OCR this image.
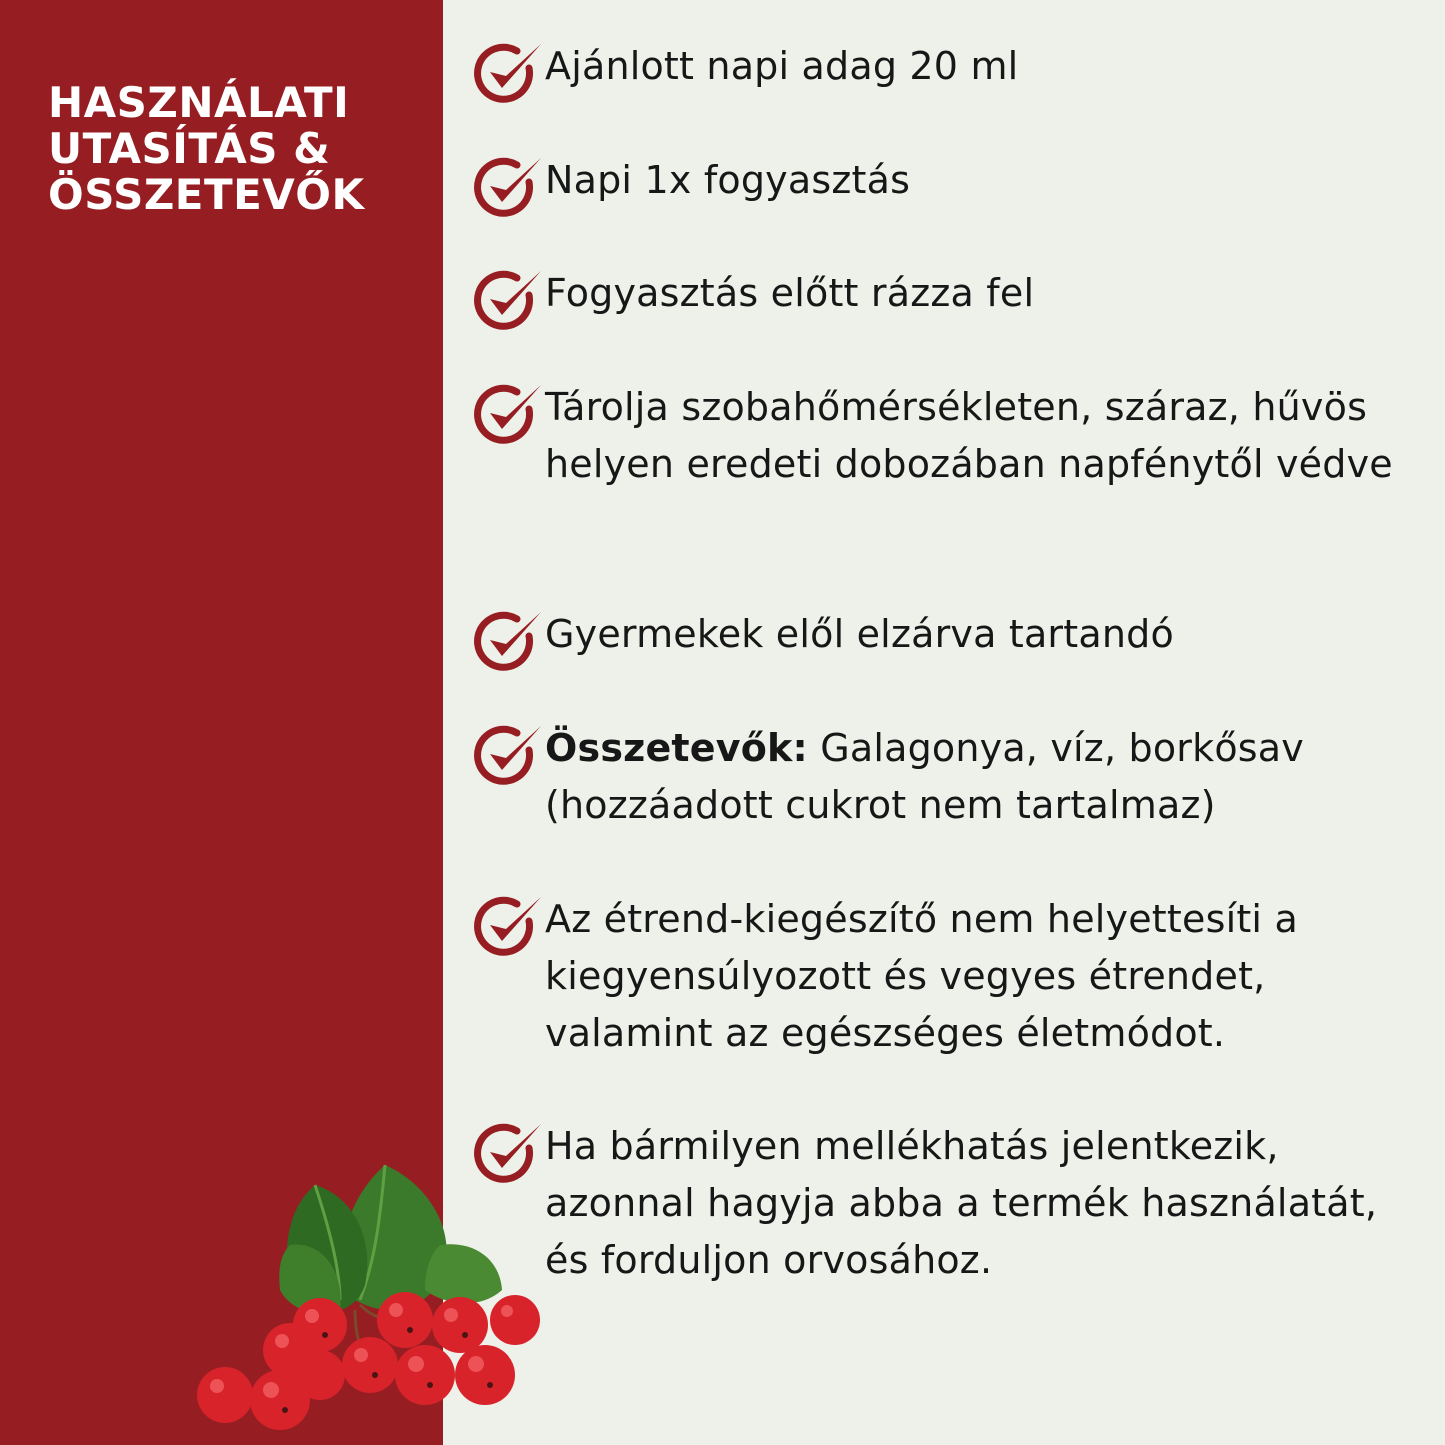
HASZNÁLATI
UTASÍTÁS &
ÖSSZETEVŐK

Ajánlott napi adag 20 ml

Napi 1x fogyasztás

Fogyasztás előtt rázza fel

Tárolja szobahőmérsékleten, száraz, hűvös helyen eredeti dobozában napfénytől védve

Gyermekek elől elzárva tartandó

Összetevők: Galagonya, víz, borkősav (hozzáadott cukrot nem tartalmaz)

Az étrend-kiegészítő nem helyettesíti a kiegyensúlyozott és vegyes étrendet, valamint az egészséges életmódot.

Ha bármilyen mellékhatás jelentkezik, azonnal hagyja abba a termék használatát, és forduljon orvosához.
